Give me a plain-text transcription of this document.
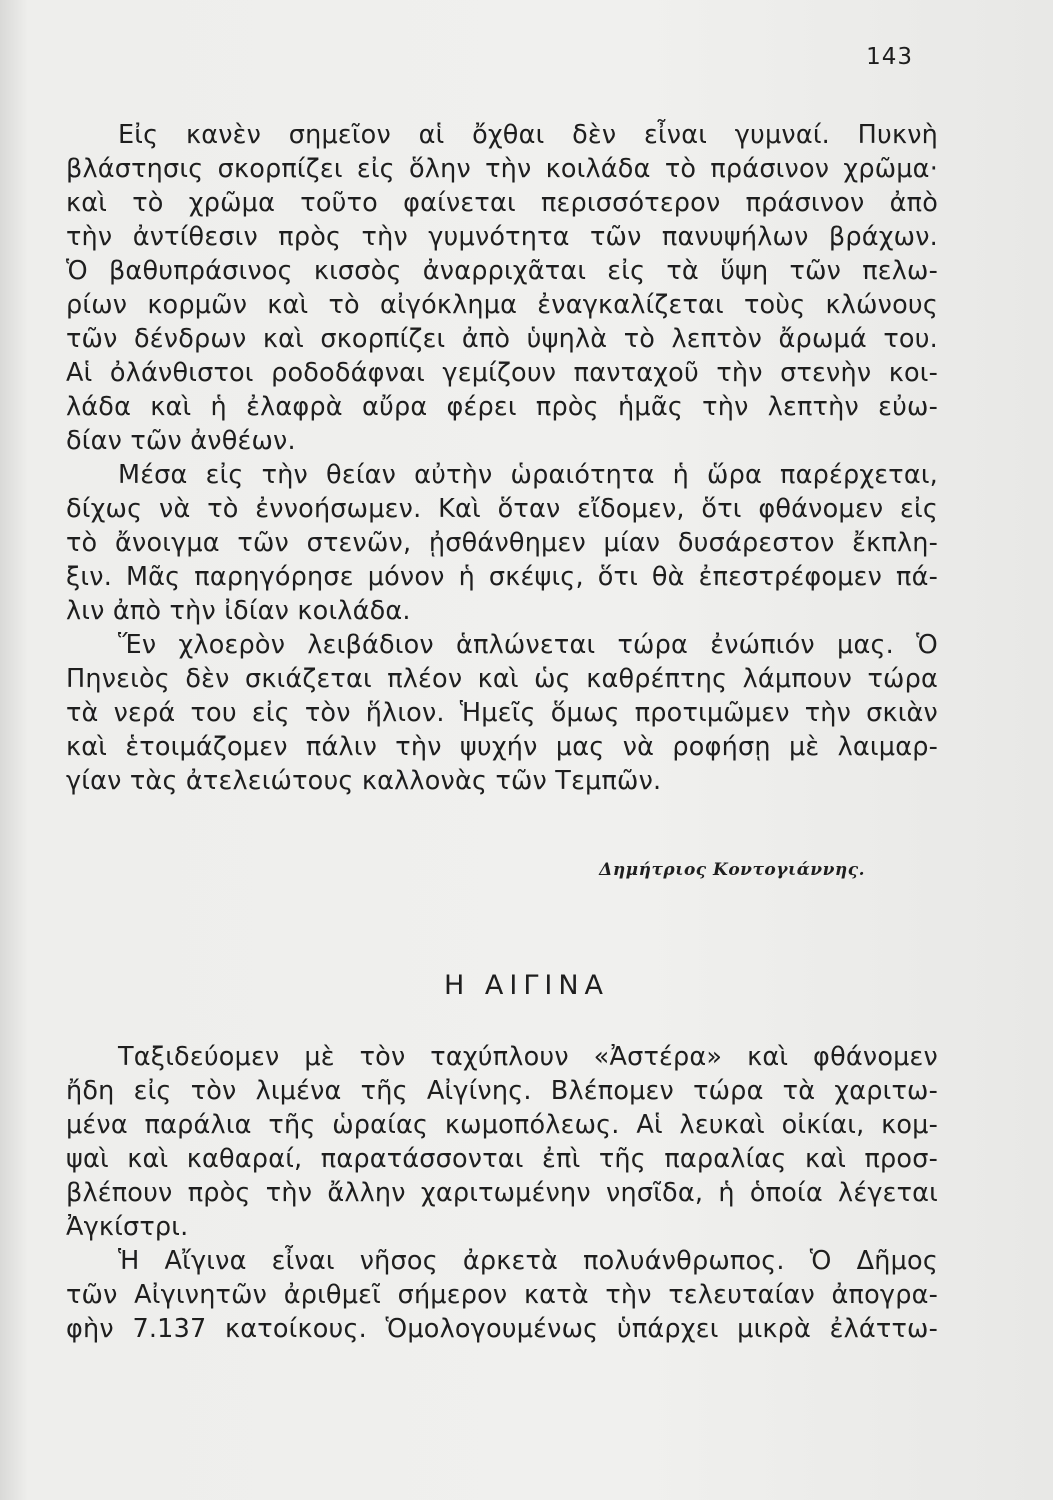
143
Εἰς κανὲν σημεῖον αἱ ὄχθαι δὲν εἶναι γυμναί. Πυκνὴ
βλάστησις σκορπίζει εἰς ὅλην τὴν κοιλάδα τὸ πράσινον χρῶμα·
καὶ τὸ χρῶμα τοῦτο φαίνεται περισσότερον πράσινον ἀπὸ
τὴν ἀντίθεσιν πρὸς τὴν γυμνότητα τῶν πανυψήλων βράχων.
Ὁ βαθυπράσινος κισσὸς ἀναρριχᾶται εἰς τὰ ὕψη τῶν πελω-
ρίων κορμῶν καὶ τὸ αἰγόκλημα ἐναγκαλίζεται τοὺς κλώνους
τῶν δένδρων καὶ σκορπίζει ἀπὸ ὑψηλὰ τὸ λεπτὸν ἄρωμά του.
Αἱ ὀλάνθιστοι ροδοδάφναι γεμίζουν πανταχοῦ τὴν στενὴν κοι-
λάδα καὶ ἡ ἐλαφρὰ αὔρα φέρει πρὸς ἡμᾶς τὴν λεπτὴν εὐω-
δίαν τῶν ἀνθέων.
Μέσα εἰς τὴν θείαν αὐτὴν ὡραιότητα ἡ ὥρα παρέρχεται,
δίχως νὰ τὸ ἐννοήσωμεν. Καὶ ὅταν εἴδομεν, ὅτι φθάνομεν εἰς
τὸ ἄνοιγμα τῶν στενῶν, ᾐσθάνθημεν μίαν δυσάρεστον ἔκπλη-
ξιν. Μᾶς παρηγόρησε μόνον ἡ σκέψις, ὅτι θὰ ἐπεστρέφομεν πά-
λιν ἀπὸ τὴν ἰδίαν κοιλάδα.
Ἕν χλοερὸν λειβάδιον ἁπλώνεται τώρα ἐνώπιόν μας. Ὁ
Πηνειὸς δὲν σκιάζεται πλέον καὶ ὡς καθρέπτης λάμπουν τώρα
τὰ νερά του εἰς τὸν ἥλιον. Ἡμεῖς ὅμως προτιμῶμεν τὴν σκιὰν
καὶ ἑτοιμάζομεν πάλιν τὴν ψυχήν μας νὰ ροφήσῃ μὲ λαιμαρ-
γίαν τὰς ἀτελειώτους καλλονὰς τῶν Τεμπῶν.
Δημήτριος Κοντογιάννης.
Η ΑΙΓΙΝΑ
Ταξιδεύομεν μὲ τὸν ταχύπλουν «Ἀστέρα» καὶ φθάνομεν
ἤδη εἰς τὸν λιμένα τῆς Αἰγίνης. Βλέπομεν τώρα τὰ χαριτω-
μένα παράλια τῆς ὡραίας κωμοπόλεως. Αἱ λευκαὶ οἰκίαι, κομ-
ψαὶ καὶ καθαραί, παρατάσσονται ἐπὶ τῆς παραλίας καὶ προσ-
βλέπουν πρὸς τὴν ἄλλην χαριτωμένην νησῖδα, ἡ ὁποία λέγεται
Ἀγκίστρι.
Ἡ Αἴγινα εἶναι νῆσος ἀρκετὰ πολυάνθρωπος. Ὁ Δῆμος
τῶν Αἰγινητῶν ἀριθμεῖ σήμερον κατὰ τὴν τελευταίαν ἀπογρα-
φὴν 7.137 κατοίκους. Ὁμολογουμένως ὑπάρχει μικρὰ ἐλάττω-
